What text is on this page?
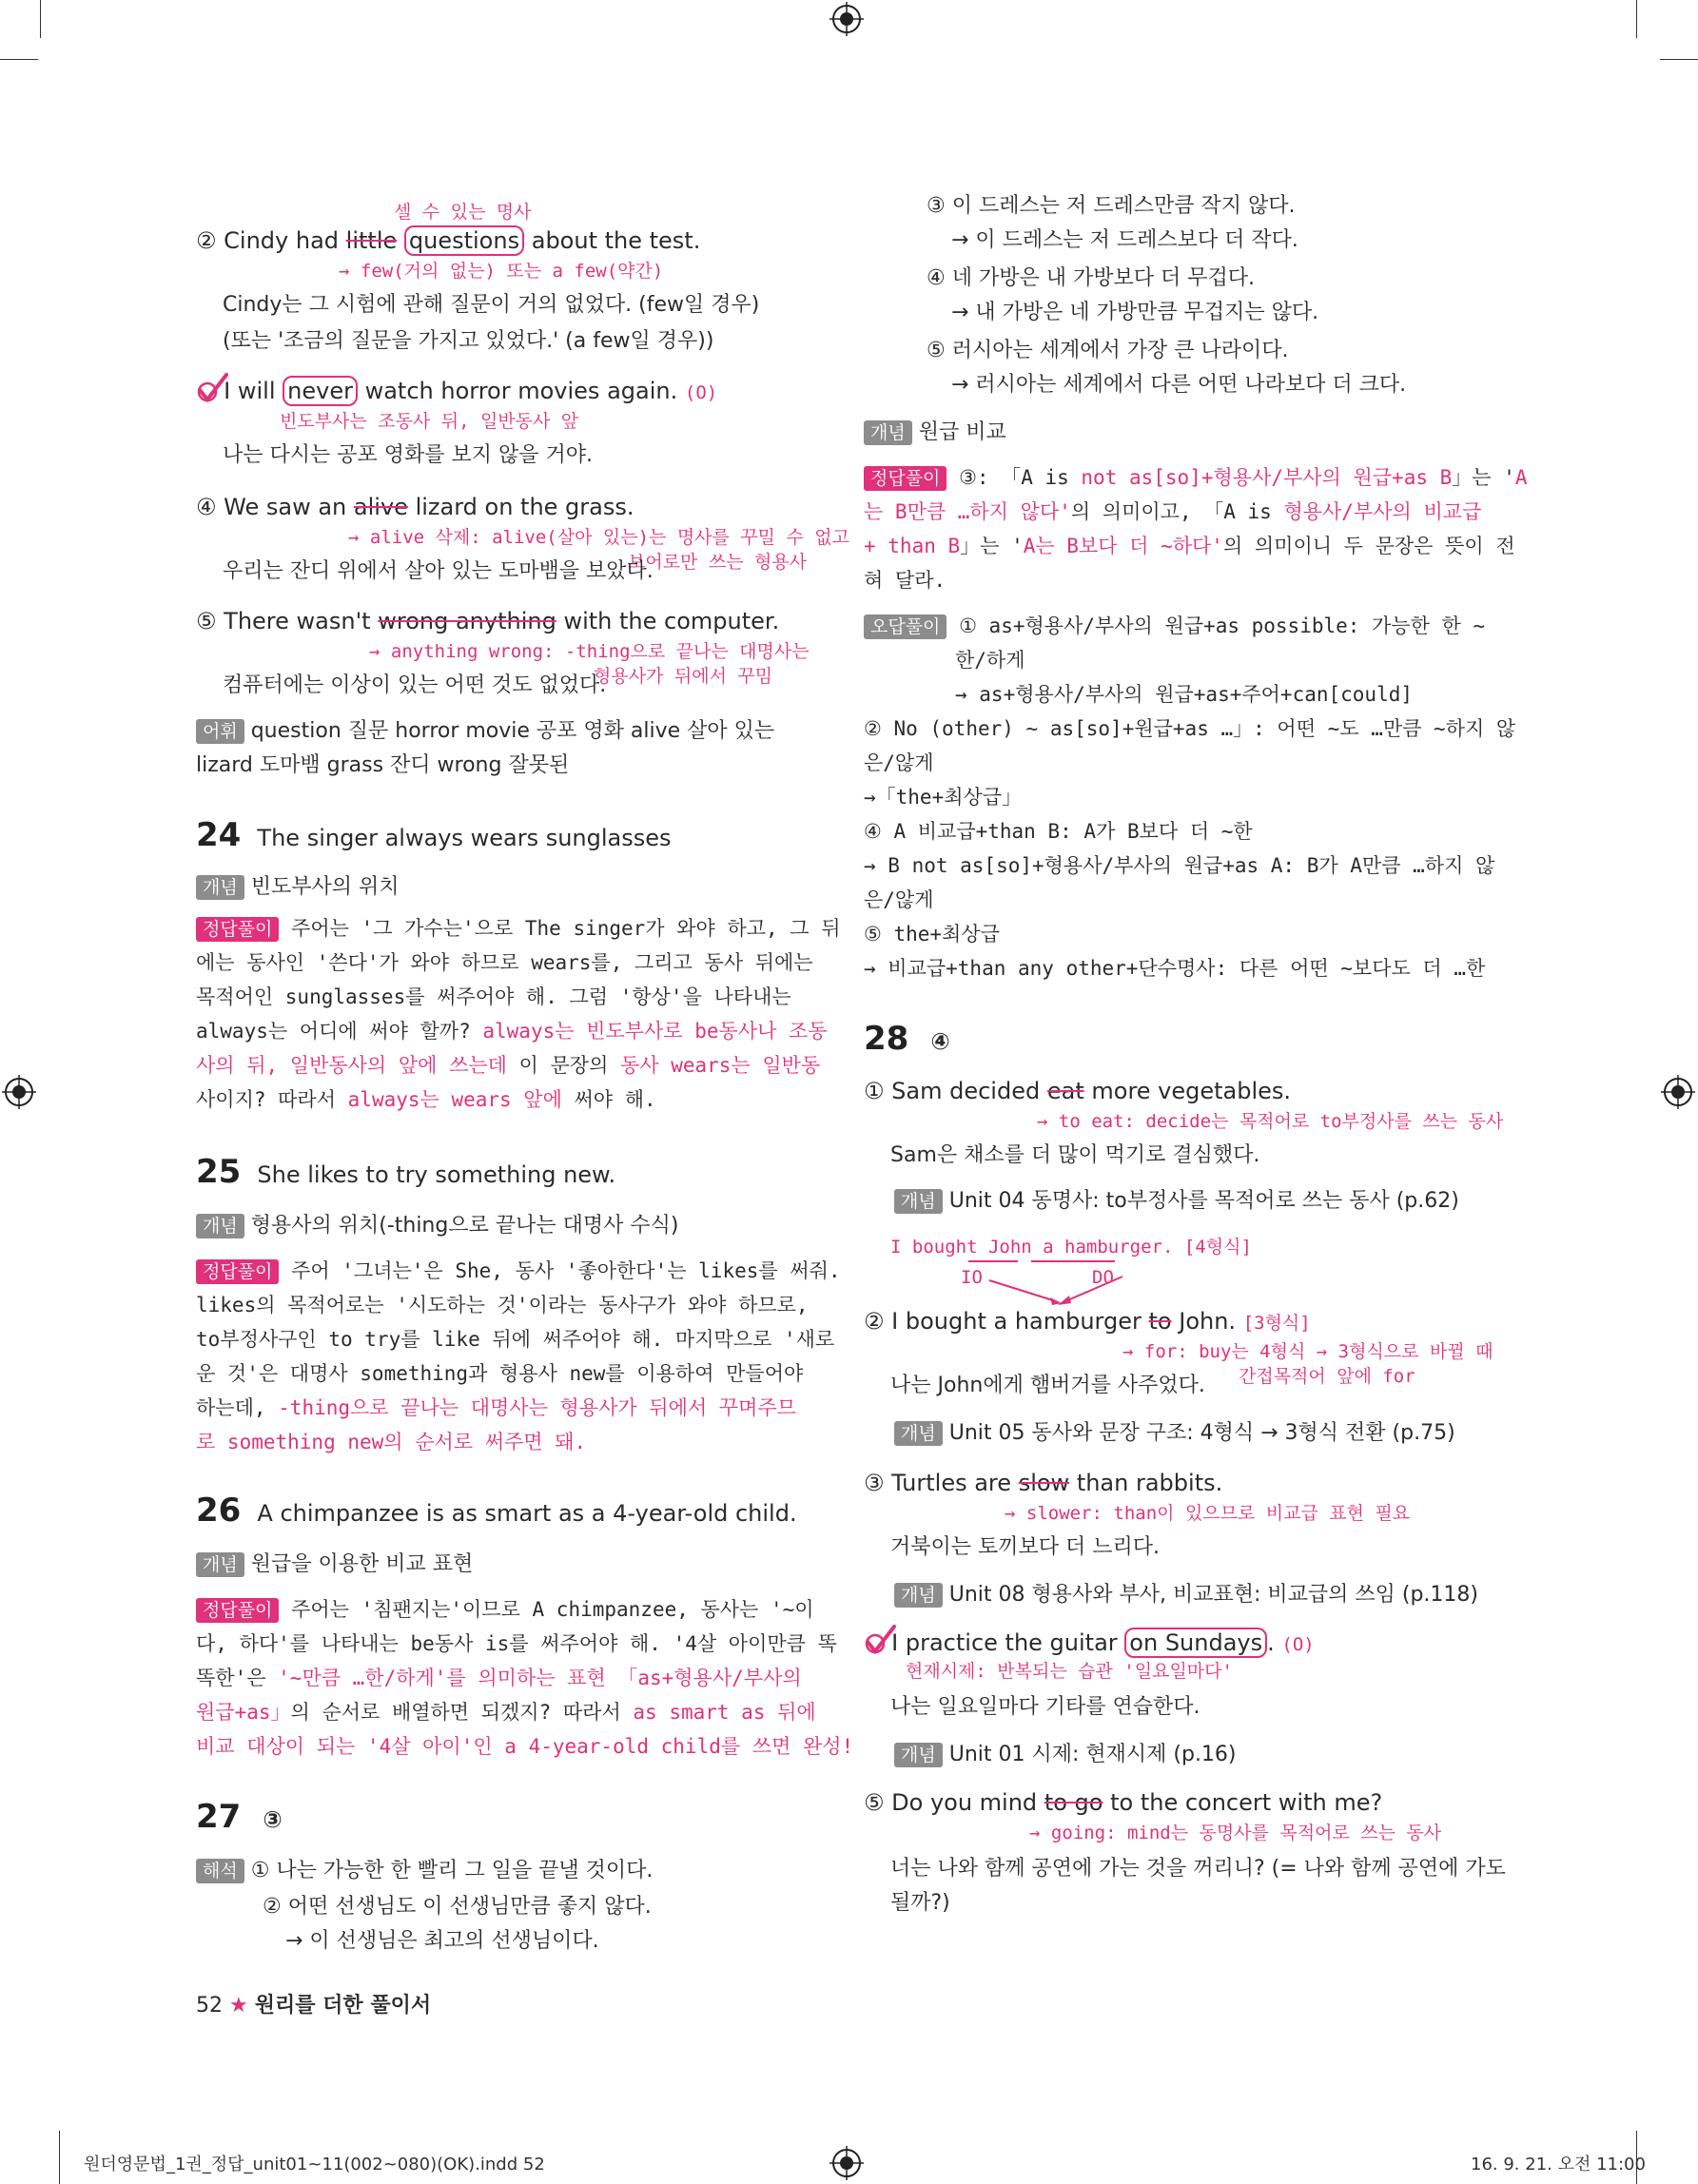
셀 수 있는 명사
② Cindy had little questions about the test.
→ few(거의 없는) 또는 a few(약간)
Cindy는 그 시험에 관해 질문이 거의 없었다. (few일 경우)
(또는 '조금의 질문을 가지고 있었다.' (a few일 경우))
I will never watch horror movies again. (O)
빈도부사는 조동사 뒤, 일반동사 앞
나는 다시는 공포 영화를 보지 않을 거야.
④ We saw an alive lizard on the grass.
→ alive 삭제: alive(살아 있는)는 명사를 꾸밀 수 없고
보어로만 쓰는 형용사
우리는 잔디 위에서 살아 있는 도마뱀을 보았다.
⑤ There wasn't wrong anything with the computer.
→ anything wrong: -thing으로 끝나는 대명사는
형용사가 뒤에서 꾸밈
컴퓨터에는 이상이 있는 어떤 것도 없었다.
어휘 question 질문 horror movie 공포 영화 alive 살아 있는
lizard 도마뱀 grass 잔디 wrong 잘못된
24 The singer always wears sunglasses
개념 빈도부사의 위치
정답풀이 주어는 '그 가수는'으로 The singer가 와야 하고, 그 뒤
에는 동사인 '쓴다'가 와야 하므로 wears를, 그리고 동사 뒤에는
목적어인 sunglasses를 써주어야 해. 그럼 '항상'을 나타내는
always는 어디에 써야 할까? always는 빈도부사로 be동사나 조동
사의 뒤, 일반동사의 앞에 쓰는데 이 문장의 동사 wears는 일반동
사이지? 따라서 always는 wears 앞에 써야 해.
25 She likes to try something new.
개념 형용사의 위치(-thing으로 끝나는 대명사 수식)
정답풀이 주어 '그녀는'은 She, 동사 '좋아한다'는 likes를 써줘.
likes의 목적어로는 '시도하는 것'이라는 동사구가 와야 하므로,
to부정사구인 to try를 like 뒤에 써주어야 해. 마지막으로 '새로
운 것'은 대명사 something과 형용사 new를 이용하여 만들어야
하는데, -thing으로 끝나는 대명사는 형용사가 뒤에서 꾸며주므
로 something new의 순서로 써주면 돼.
26 A chimpanzee is as smart as a 4-year-old child.
개념 원급을 이용한 비교 표현
정답풀이 주어는 '침팬지는'이므로 A chimpanzee, 동사는 '~이
다, 하다'를 나타내는 be동사 is를 써주어야 해. '4살 아이만큼 똑
똑한'은 '~만큼 …한/하게'를 의미하는 표현 「as+형용사/부사의
원급+as」의 순서로 배열하면 되겠지? 따라서 as smart as 뒤에
비교 대상이 되는 '4살 아이'인 a 4-year-old child를 쓰면 완성!
27 ③
해석 ① 나는 가능한 한 빨리 그 일을 끝낼 것이다.
② 어떤 선생님도 이 선생님만큼 좋지 않다.
→ 이 선생님은 최고의 선생님이다.
52 ★ 원리를 더한 풀이서
③ 이 드레스는 저 드레스만큼 작지 않다.
→ 이 드레스는 저 드레스보다 더 작다.
④ 네 가방은 내 가방보다 더 무겁다.
→ 내 가방은 네 가방만큼 무겁지는 않다.
⑤ 러시아는 세계에서 가장 큰 나라이다.
→ 러시아는 세계에서 다른 어떤 나라보다 더 크다.
개념 원급 비교
정답풀이 ③: 「A is not as[so]+형용사/부사의 원급+as B」는 'A
는 B만큼 …하지 않다'의 의미이고, 「A is 형용사/부사의 비교급
+ than B」는 'A는 B보다 더 ~하다'의 의미이니 두 문장은 뜻이 전
혀 달라.
오답풀이 ① as+형용사/부사의 원급+as possible: 가능한 한 ~
한/하게
→ as+형용사/부사의 원급+as+주어+can[could]
② No (other) ~ as[so]+원급+as …」: 어떤 ~도 …만큼 ~하지 않
은/않게
→「the+최상급」
④ A 비교급+than B: A가 B보다 더 ~한
→ B not as[so]+형용사/부사의 원급+as A: B가 A만큼 …하지 않
은/않게
⑤ the+최상급
→ 비교급+than any other+단수명사: 다른 어떤 ~보다도 더 …한
28 ④
① Sam decided eat more vegetables.
→ to eat: decide는 목적어로 to부정사를 쓰는 동사
Sam은 채소를 더 많이 먹기로 결심했다.
개념 Unit 04 동명사: to부정사를 목적어로 쓰는 동사 (p.62)
I bought John a hamburger. [4형식]
IO	DO
② I bought a hamburger to John. [3형식]
→ for: buy는 4형식 → 3형식으로 바뀔 때
간접목적어 앞에 for
나는 John에게 햄버거를 사주었다.
개념 Unit 05 동사와 문장 구조: 4형식 → 3형식 전환 (p.75)
③ Turtles are slow than rabbits.
→ slower: than이 있으므로 비교급 표현 필요
거북이는 토끼보다 더 느리다.
개념 Unit 08 형용사와 부사, 비교표현: 비교급의 쓰임 (p.118)
I practice the guitar on Sundays . (O)
현재시제: 반복되는 습관 '일요일마다'
나는 일요일마다 기타를 연습한다.
개념 Unit 01 시제: 현재시제 (p.16)
⑤ Do you mind to go to the concert with me?
→ going: mind는 동명사를 목적어로 쓰는 동사
너는 나와 함께 공연에 가는 것을 꺼리니? (= 나와 함께 공연에 가도
될까?)
원더영문법_1권_정답_unit01~11(002~080)(OK).indd 52	16. 9. 21. 오전 11:00
